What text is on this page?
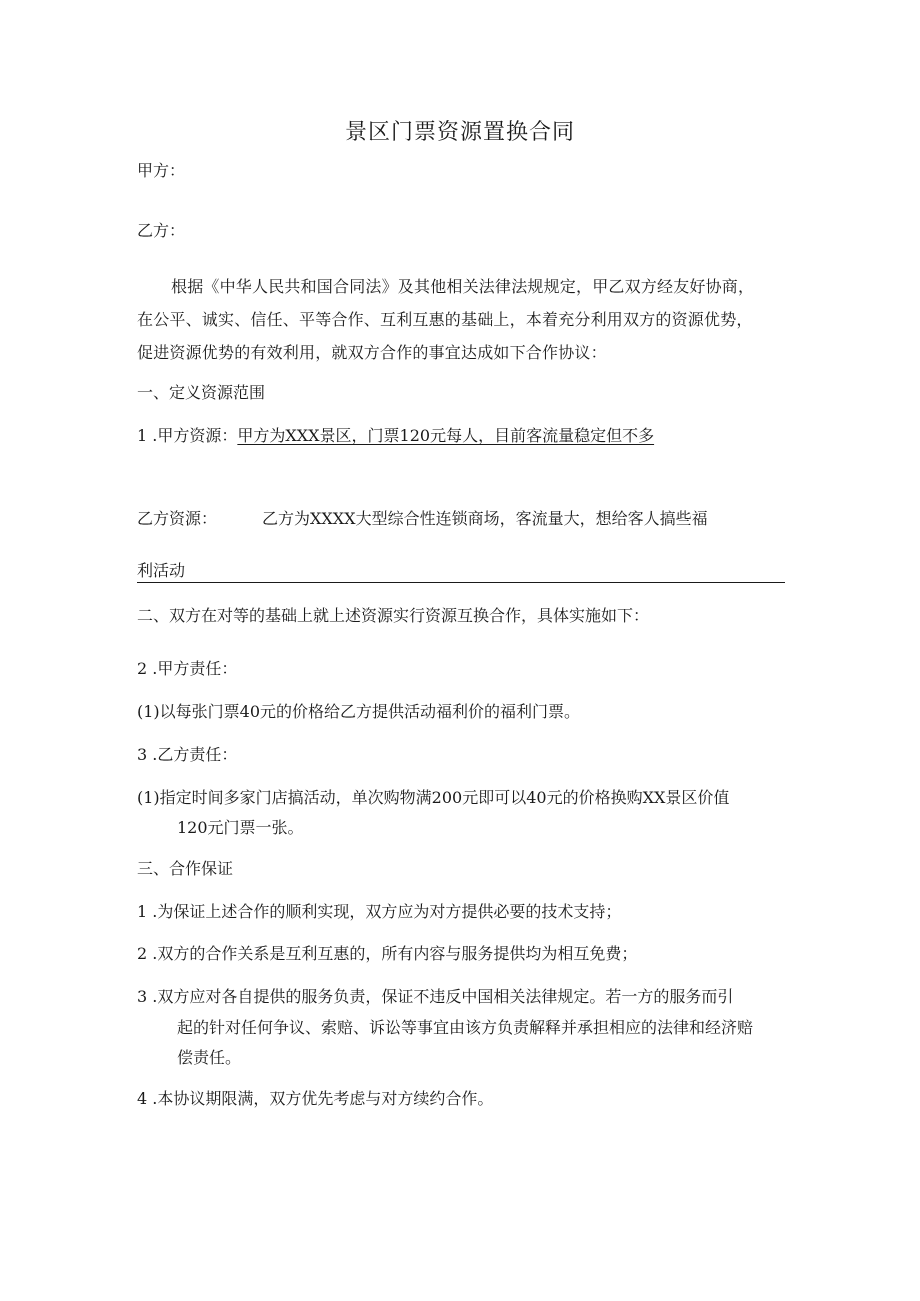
景区门票资源置换合同
甲方：
乙方：
根据《中华人民共和国合同法》及其他相关法律法规规定，甲乙双方经友好协商，
在公平、诚实、信任、平等合作、互利互惠的基础上，本着充分利用双方的资源优势，
促进资源优势的有效利用，就双方合作的事宜达成如下合作协议：
一、定义资源范围
1 .甲方资源：甲方为XXX景区，门票120元每人，目前客流量稳定但不多
乙方资源：	乙方为XXXX大型综合性连锁商场，客流量大，想给客人搞些福
利活动
二、双方在对等的基础上就上述资源实行资源互换合作，具体实施如下：
2 .甲方责任：
(1)以每张门票40元的价格给乙方提供活动福利价的福利门票。
3 .乙方责任：
(1)指定时间多家门店搞活动，单次购物满200元即可以40元的价格换购XX景区价值
120元门票一张。
三、合作保证
1 .为保证上述合作的顺利实现，双方应为对方提供必要的技术支持；
2 .双方的合作关系是互利互惠的，所有内容与服务提供均为相互免费；
3 .双方应对各自提供的服务负责，保证不违反中国相关法律规定。若一方的服务而引
起的针对任何争议、索赔、诉讼等事宜由该方负责解释并承担相应的法律和经济赔
偿责任。
4 .本协议期限满，双方优先考虑与对方续约合作。
